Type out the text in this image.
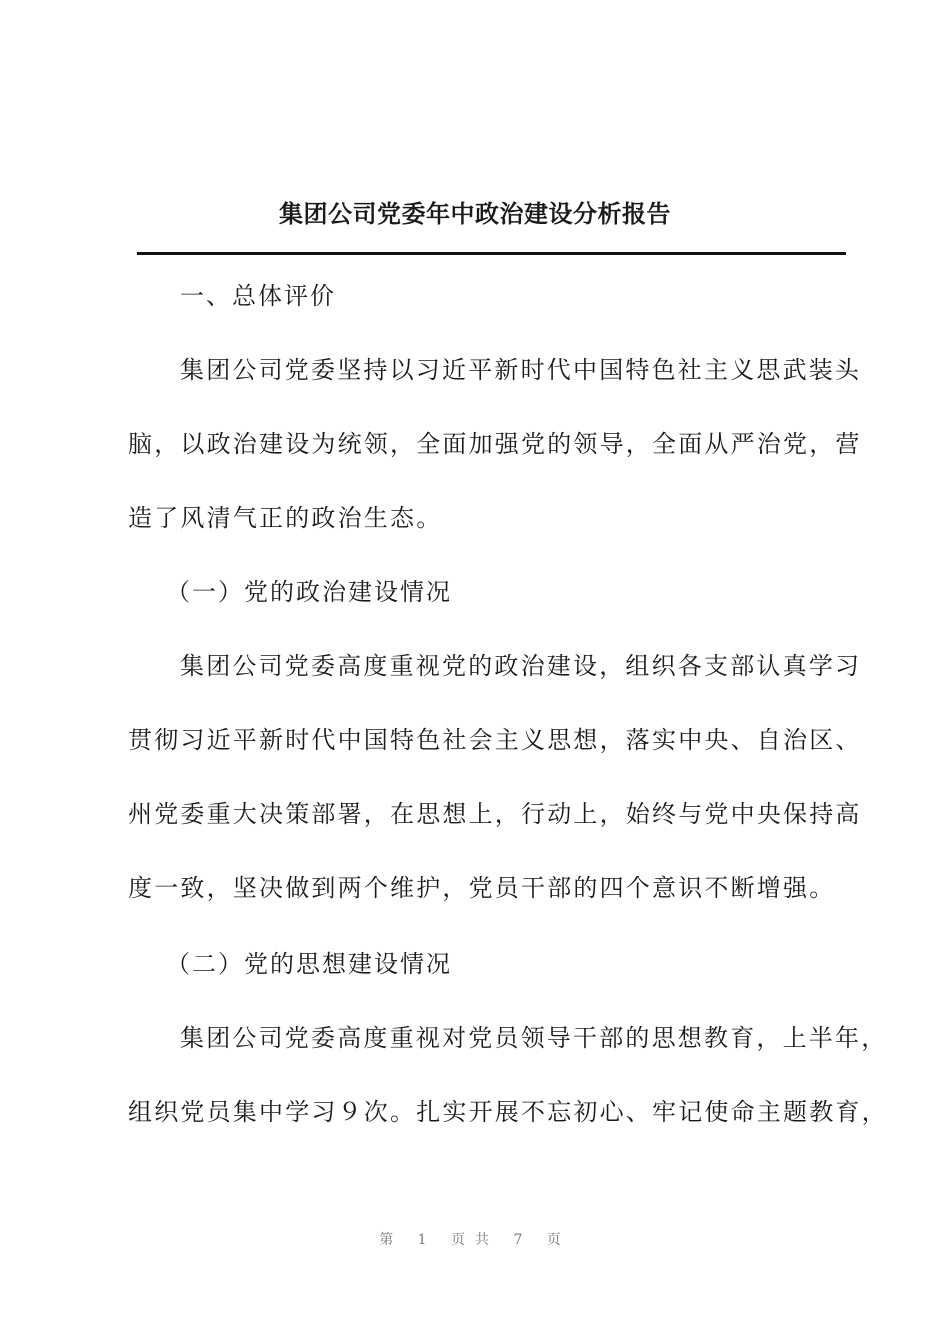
集团公司党委年中政治建设分析报告
一、总体评价
集团公司党委坚持以习近平新时代中国特色社主义思武装头
脑，以政治建设为统领，全面加强党的领导，全面从严治党，营
造了风清气正的政治生态。
（一）党的政治建设情况
集团公司党委高度重视党的政治建设，组织各支部认真学习
贯彻习近平新时代中国特色社会主义思想，落实中央、自治区、
州党委重大决策部署，在思想上，行动上，始终与党中央保持高
度一致，坚决做到两个维护，党员干部的四个意识不断增强。
（二）党的思想建设情况
集团公司党委高度重视对党员领导干部的思想教育，上半年，
组织党员集中学习９次。扎实开展不忘初心、牢记使命主题教育，
第 1 页共 7 页
